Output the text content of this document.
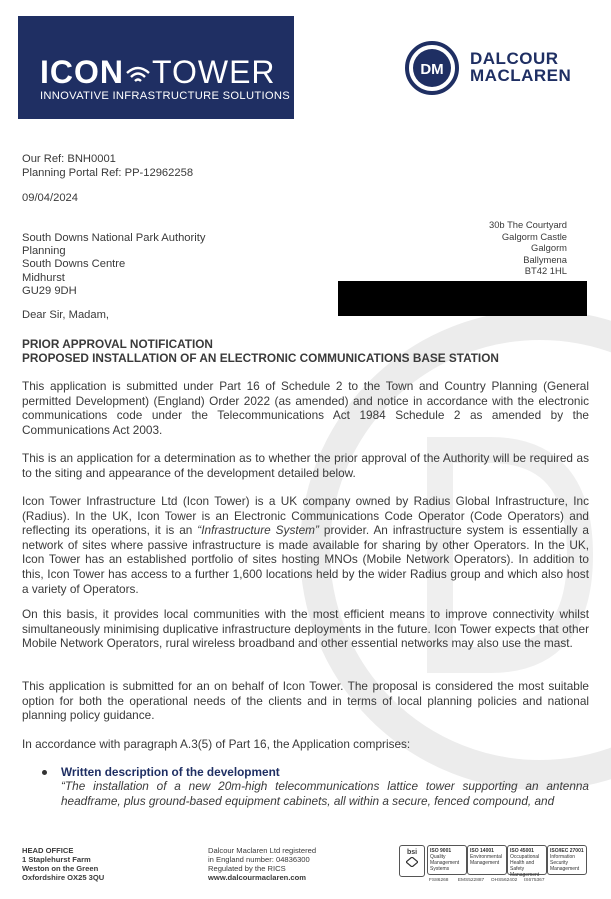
ICON TOWER
INNOVATIVE INFRASTRUCTURE SOLUTIONS
DM
DALCOUR
MACLAREN
Our Ref: BNH0001
Planning Portal Ref: PP-12962258
09/04/2024
South Downs National Park Authority
Planning
South Downs Centre
Midhurst
GU29 9DH
30b The Courtyard
Galgorm Castle
Galgorm
Ballymena
BT42 1HL
Dear Sir, Madam,
PRIOR APPROVAL NOTIFICATION
PROPOSED INSTALLATION OF AN ELECTRONIC COMMUNICATIONS BASE STATION
This application is submitted under Part 16 of Schedule 2 to the Town and Country Planning (General permitted Development) (England) Order 2022 (as amended) and notice in accordance with the electronic communications code under the Telecommunications Act 1984 Schedule 2 as amended by the Communications Act 2003.
This is an application for a determination as to whether the prior approval of the Authority will be required as to the siting and appearance of the development detailed below.
Icon Tower Infrastructure Ltd (Icon Tower) is a UK company owned by Radius Global Infrastructure, Inc (Radius). In the UK, Icon Tower is an Electronic Communications Code Operator (Code Operators) and reflecting its operations, it is an “Infrastructure System” provider. An infrastructure system is essentially a network of sites where passive infrastructure is made available for sharing by other Operators. In the UK, Icon Tower has an established portfolio of sites hosting MNOs (Mobile Network Operators). In addition to this, Icon Tower has access to a further 1,600 locations held by the wider Radius group and which also host a variety of Operators.
On this basis, it provides local communities with the most efficient means to improve connectivity whilst simultaneously minimising duplicative infrastructure deployments in the future. Icon Tower expects that other Mobile Network Operators, rural wireless broadband and other essential networks may also use the mast.
This application is submitted for an on behalf of Icon Tower. The proposal is considered the most suitable option for both the operational needs of the clients and in terms of local planning policies and national planning policy guidance.
In accordance with paragraph A.3(5) of Part 16, the Application comprises:
Written description of the development
“The installation of a new 20m-high telecommunications lattice tower supporting an antenna headframe, plus ground-based equipment cabinets, all within a secure, fenced compound, and
HEAD OFFICE
1 Staplehurst Farm
Weston on the Green
Oxfordshire OX25 3QU
Dalcour Maclaren Ltd registered
in England number: 04836300
Regulated by the RICS
www.dalcourmaclaren.com
bsi	ISO 9001
Quality Management Systems
ISO 14001
Environmental Management
ISO 45001
Occupational Health and Safety Management
ISO/IEC 27001
Information Security Management
FS86268 EMS522887 OHS562402 IS675367
